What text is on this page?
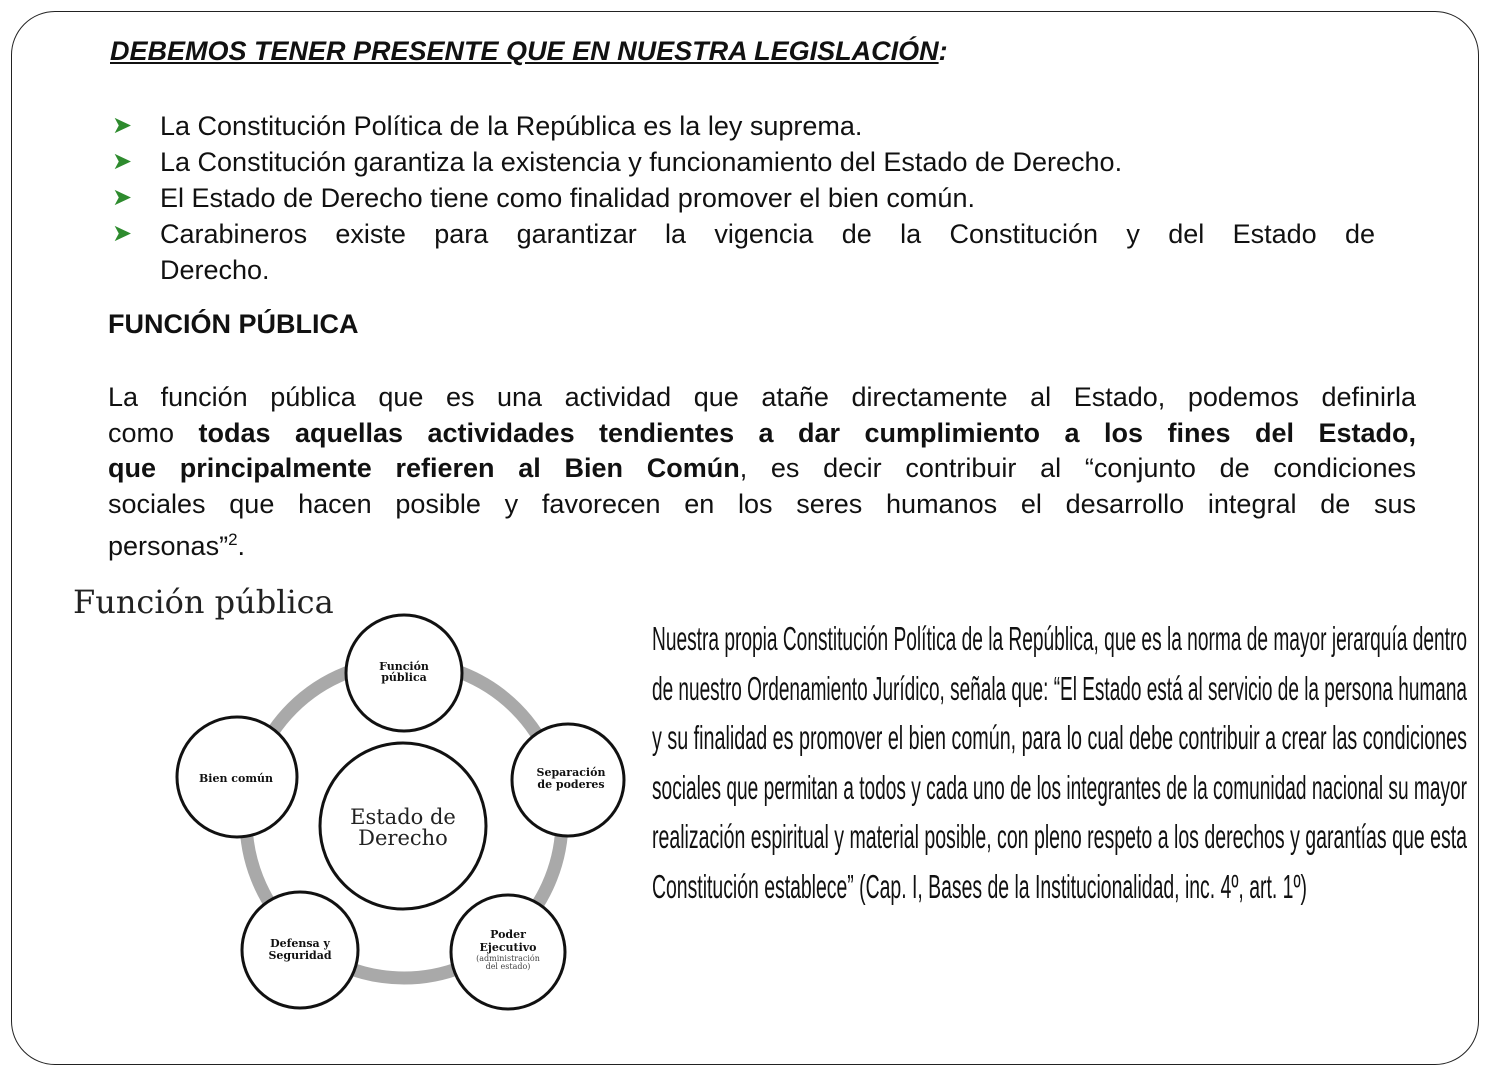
DEBEMOS TENER PRESENTE QUE EN NUESTRA LEGISLACIÓN:
➤ La Constitución Política de la República es la ley suprema.
➤ La Constitución garantiza la existencia y funcionamiento del Estado de Derecho.
➤ El Estado de Derecho tiene como finalidad promover el bien común.
➤ Carabineros existe para garantizar la vigencia de la Constitución y del Estado de
Derecho.
FUNCIÓN PÚBLICA
La función pública que es una actividad que atañe directamente al Estado, podemos definirla
como todas aquellas actividades tendientes a dar cumplimiento a los fines del Estado,
que principalmente refieren al Bien Común, es decir contribuir al “conjunto de condiciones
sociales que hacen posible y favorecen en los seres humanos el desarrollo integral de sus
personas”$^2$.
Función pública
Estado de
Derecho
Función
pública
Separación
de poderes
Poder
Ejecutivo
Defensa y
Seguridad
Bien común
(administración
del estado)
Nuestra propia Constitución Política de la República, que es la norma de mayor jerarquía dentro
de nuestro Ordenamiento Jurídico, señala que: “El Estado está al servicio de la persona humana
y su finalidad es promover el bien común, para lo cual debe contribuir a crear las condiciones
sociales que permitan a todos y cada uno de los integrantes de la comunidad nacional su mayor
realización espiritual y material posible, con pleno respeto a los derechos y garantías que esta
Constitución establece” (Cap. I, Bases de la Institucionalidad, inc. 4º, art. 1º)
